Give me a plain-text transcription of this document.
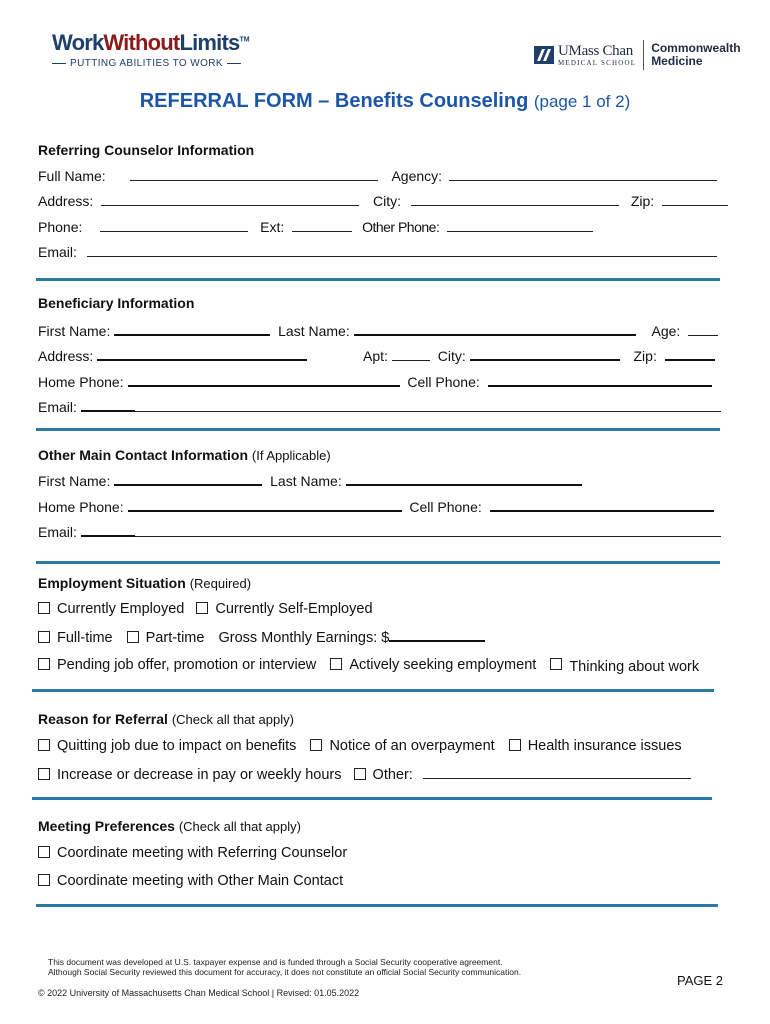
WorkWithoutLimits™
PUTTING ABILITIES TO WORK
UMass Chan
MEDICAL SCHOOL
Commonwealth
Medicine
REFERRAL FORM – Benefits Counseling (page 1 of 2)
Referring Counselor Information
Full Name:	Agency:
Address:	City:	Zip:
Phone:	Ext:	Other Phone:
Email:
Beneficiary Information
First Name:	Last Name:	Age:
Address:	Apt:	City:	Zip:
Home Phone:	Cell Phone:
Email:
Other Main Contact Information (If Applicable)
First Name:	Last Name:
Home Phone:	Cell Phone:
Email:
Employment Situation (Required)
Currently Employed Currently Self-Employed
Full-time Part-time Gross Monthly Earnings: $
Pending job offer, promotion or interview Actively seeking employment Thinking about work
Reason for Referral (Check all that apply)
Quitting job due to impact on benefits Notice of an overpayment Health insurance issues
Increase or decrease in pay or weekly hours Other:
Meeting Preferences (Check all that apply)
Coordinate meeting with Referring Counselor
Coordinate meeting with Other Main Contact
This document was developed at U.S. taxpayer expense and is funded through a Social Security cooperative agreement.
Although Social Security reviewed this document for accuracy, it does not constitute an official Social Security communication.
© 2022 University of Massachusetts Chan Medical School | Revised: 01.05.2022
PAGE 2
